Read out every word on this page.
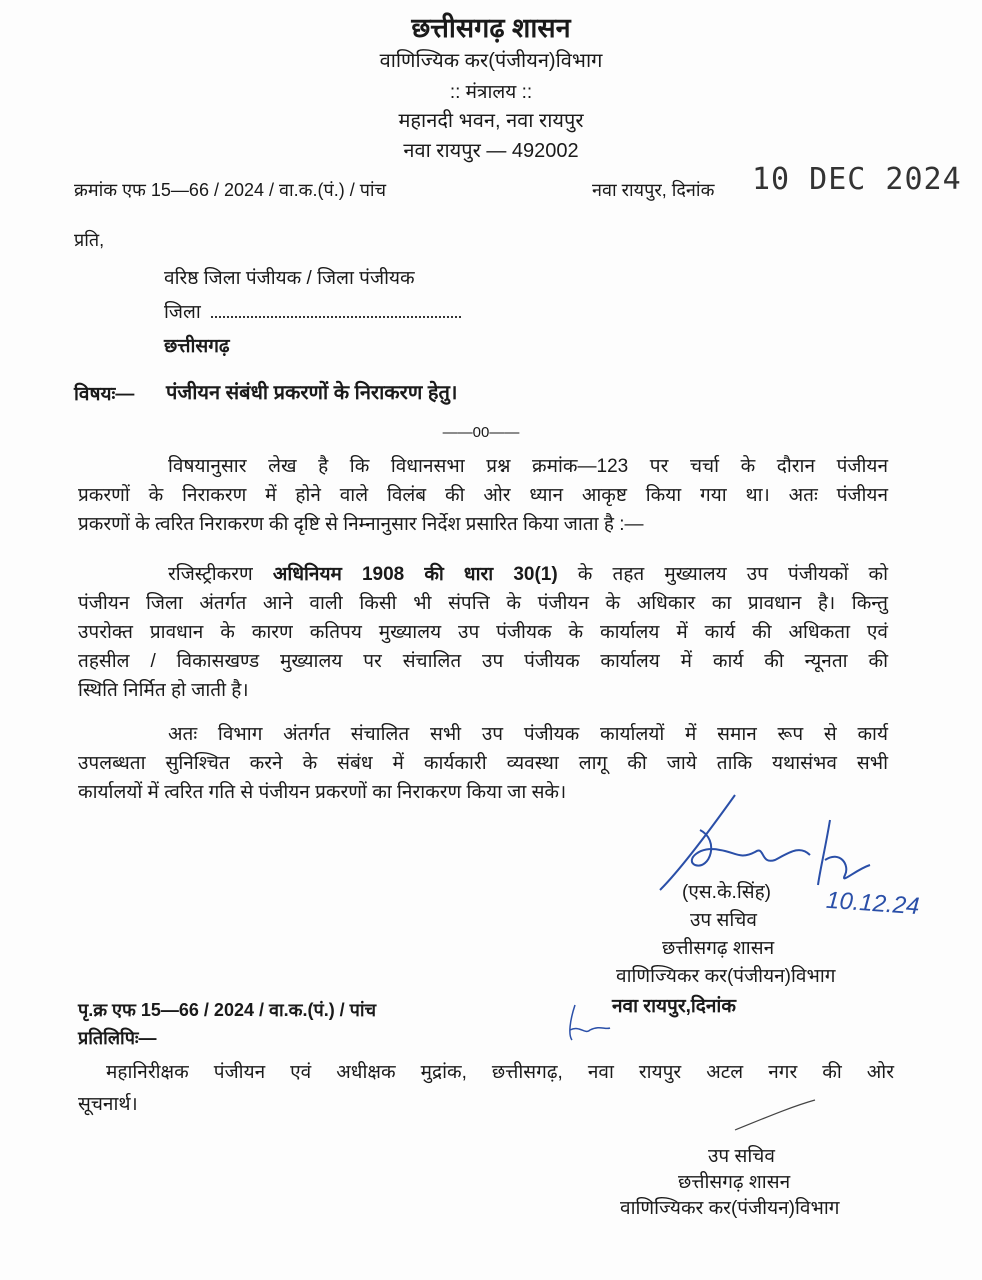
छत्तीसगढ़ शासन
वाणिज्यिक कर(पंजीयन)विभाग
:: मंत्रालय ::
महानदी भवन, नवा रायपुर
नवा रायपुर — 492002
क्रमांक एफ 15—66 / 2024 / वा.क.(पं.) / पांच	नवा रायपुर, दिनांक 10 DEC 2024
प्रति,
वरिष्ठ जिला पंजीयक / जिला पंजीयक
जिला
छत्तीसगढ़
विषयः— पंजीयन संबंधी प्रकरणों के निराकरण हेतु।
——00——
विषयानुसार लेख है कि विधानसभा प्रश्न क्रमांक—123 पर चर्चा के दौरान पंजीयन
प्रकरणों के निराकरण में होने वाले विलंब की ओर ध्यान आकृष्ट किया गया था। अतः पंजीयन
प्रकरणों के त्वरित निराकरण की दृष्टि से निम्नानुसार निर्देश प्रसारित किया जाता है :—
रजिस्ट्रीकरण अधिनियम 1908 की धारा 30(1) के तहत मुख्यालय उप पंजीयकों को
पंजीयन जिला अंतर्गत आने वाली किसी भी संपत्ति के पंजीयन के अधिकार का प्रावधान है। किन्तु
उपरोक्त प्रावधान के कारण कतिपय मुख्यालय उप पंजीयक के कार्यालय में कार्य की अधिकता एवं
तहसील / विकासखण्ड मुख्यालय पर संचालित उप पंजीयक कार्यालय में कार्य की न्यूनता की
स्थिति निर्मित हो जाती है।
अतः विभाग अंतर्गत संचालित सभी उप पंजीयक कार्यालयों में समान रूप से कार्य
उपलब्धता सुनिश्चित करने के संबंध में कार्यकारी व्यवस्था लागू की जाये ताकि यथासंभव सभी
कार्यालयों में त्वरित गति से पंजीयन प्रकरणों का निराकरण किया जा सके।
10.12.24
(एस.के.सिंह)
उप सचिव
छत्तीसगढ़ शासन
वाणिज्यिकर कर(पंजीयन)विभाग
नवा रायपुर,दिनांक
पृ.क्र एफ 15—66 / 2024 / वा.क.(पं.) / पांच
प्रतिलिपिः—
महानिरीक्षक पंजीयन एवं अधीक्षक मुद्रांक, छत्तीसगढ़, नवा रायपुर अटल नगर की ओर
सूचनार्थ।
उप सचिव
छत्तीसगढ़ शासन
वाणिज्यिकर कर(पंजीयन)विभाग
